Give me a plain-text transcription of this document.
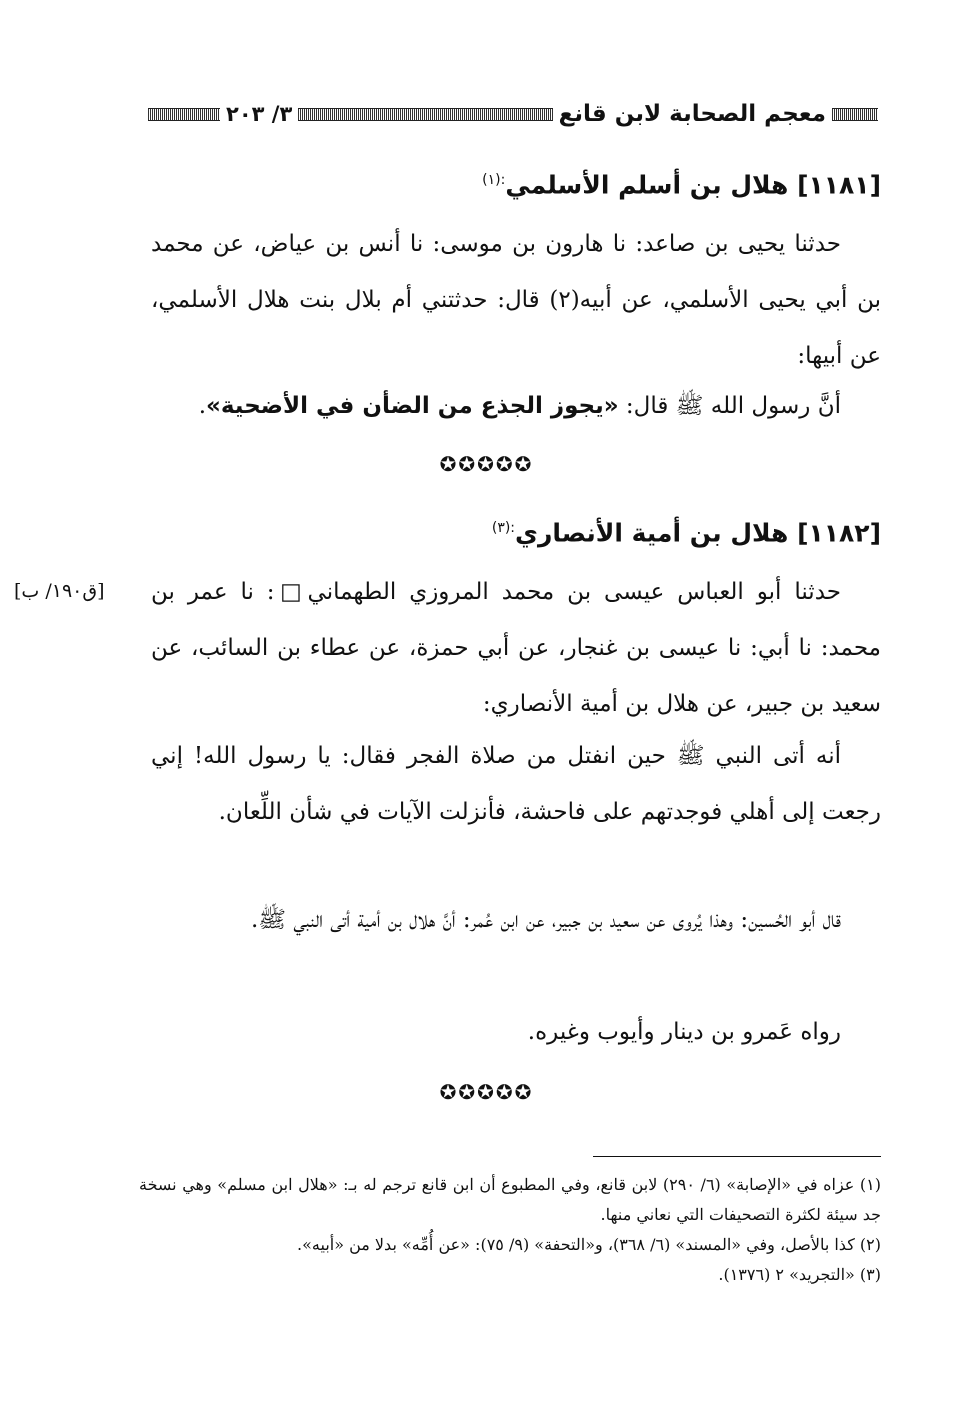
معجم الصحابة لابن قانع
٣/ ٢٠٣
[١١٨١] هلال بن أسلم الأسلمي$^{:(١)}$
حدثنا يحيى بن صاعد: نا هارون بن موسى: نا أنس بن عياض، عن محمد بن أبي يحيى الأسلمي، عن أبيه(٢) قال: حدثتني أم بلال بنت هلال الأسلمي، عن أبيها:
أنَّ رسول الله ﷺ قال: «يجوز الجذع من الضأن في الأضحية».
✪✪✪✪✪
[١١٨٢] هلال بن أمية الأنصاري$^{:(٣)}$
حدثنا أبو العباس عيسى بن محمد المروزي الطهماني□: نا عمر بن محمد: نا أبي: نا عيسى بن غنجار، عن أبي حمزة، عن عطاء بن السائب، عن سعيد بن جبير، عن هلال بن أمية الأنصاري:
[ق١٩٠/ ب]
أنه أتى النبي ﷺ حين انفتل من صلاة الفجر فقال: يا رسول الله! إني رجعت إلى أهلي فوجدتهم على فاحشة، فأنزلت الآيات في شأن اللِّعان.
قال أبو الحُسين: وهذا يُروى عن سعيد بن جبير، عن ابن عُمر: أنَّ هلال بن أمية أتى النبي ﷺ.
رواه عَمرو بن دينار وأيوب وغيره.
✪✪✪✪✪
(١) عزاه في «الإصابة» (٦/ ٢٩٠) لابن قانع، وفي المطبوع أن ابن قانع ترجم له بـ: «هلال ابن مسلم» وهي نسخة جد سيئة لكثرة التصحيفات التي نعاني منها.
(٢) كذا بالأصل، وفي «المسند» (٦/ ٣٦٨)، و«التحفة» (٩/ ٧٥): «عن أُمِّه» بدلا من «أبيه».
(٣) «التجريد» ٢ (١٣٧٦).
